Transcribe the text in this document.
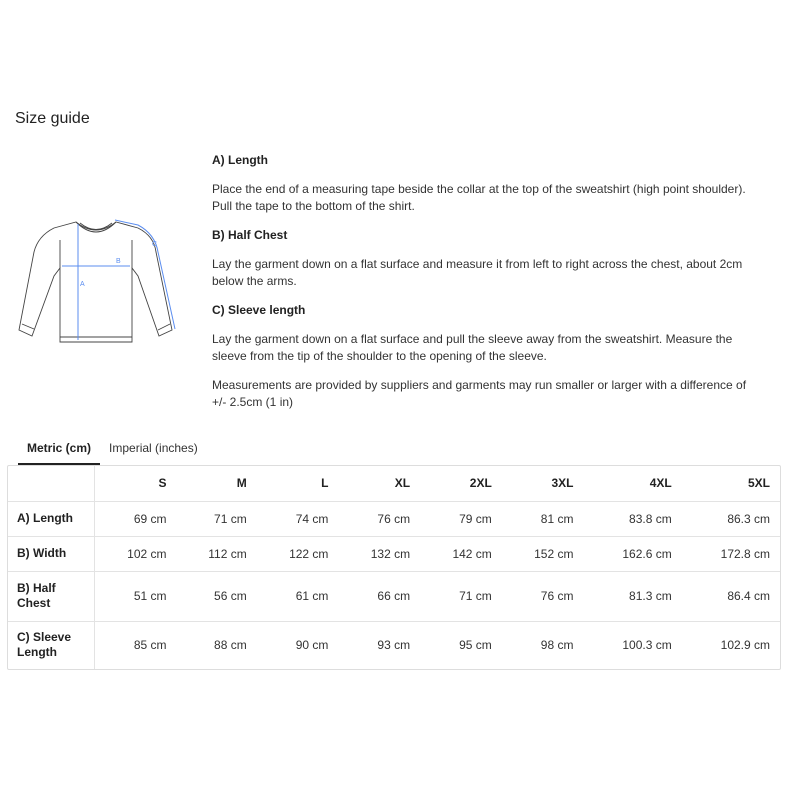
Size guide
A
B
C
A) Length
Place the end of a measuring tape beside the collar at the top of the sweatshirt (high point shoulder). Pull the tape to the bottom of the shirt.
B) Half Chest
Lay the garment down on a flat surface and measure it from left to right across the chest, about 2cm below the arms.
C) Sleeve length
Lay the garment down on a flat surface and pull the sleeve away from the sweatshirt. Measure the sleeve from the tip of the shoulder to the opening of the sleeve.
Measurements are provided by suppliers and garments may run smaller or larger with a difference of +/- 2.5cm (1 in)
Metric (cm)	Imperial (inches)
	S	M	L	XL	2XL	3XL	4XL	5XL

A) Length	69 cm	71 cm	74 cm	76 cm	79 cm	81 cm	83.8 cm	86.3 cm

B) Width	102 cm	112 cm	122 cm	132 cm	142 cm	152 cm	162.6 cm	172.8 cm

B) Half Chest	51 cm	56 cm	61 cm	66 cm	71 cm	76 cm	81.3 cm	86.4 cm

C) Sleeve Length	85 cm	88 cm	90 cm	93 cm	95 cm	98 cm	100.3 cm	102.9 cm
